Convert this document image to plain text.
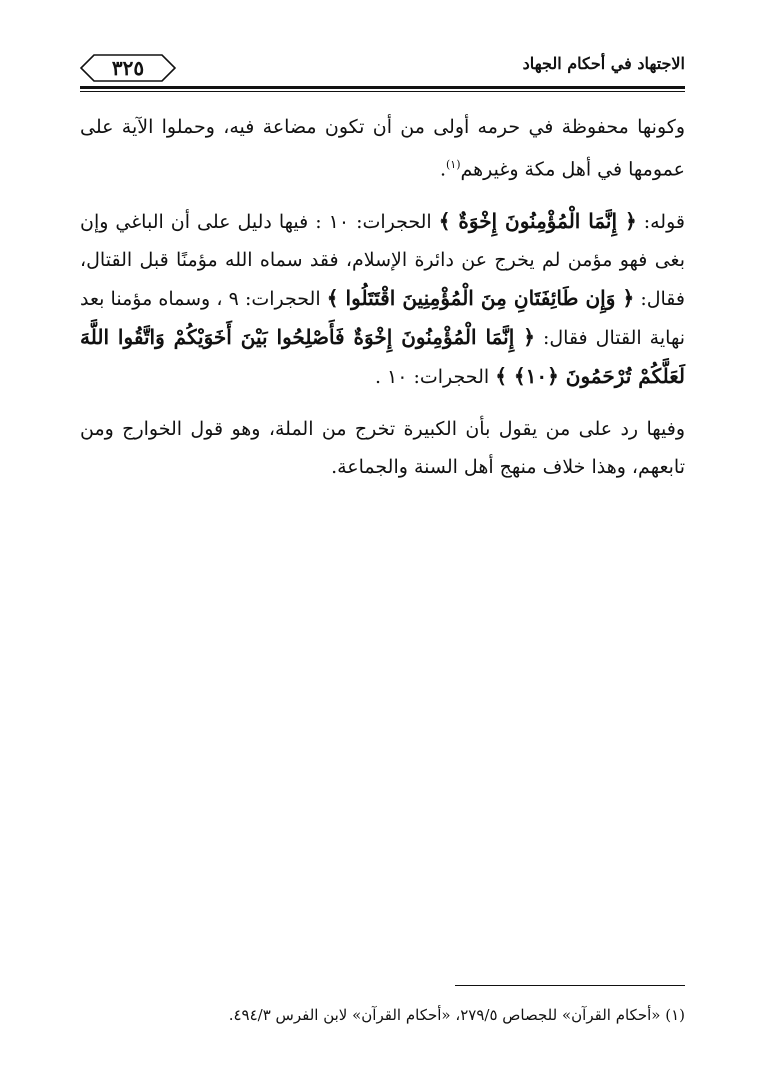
٣٢٥	الاجتهاد في أحكام الجهاد

وكونها محفوظة في حرمه أولى من أن تكون مضاعة فيه، وحملوا الآية على عمومها في أهل مكة وغيرهم$^{(١)}$.

قوله: ﴿ إِنَّمَا الْمُؤْمِنُونَ إِخْوَةٌ ﴾ الحجرات: ١٠ : فيها دليل على أن الباغي وإن بغى فهو مؤمن لم يخرج عن دائرة الإسلام، فقد سماه الله مؤمنًا قبل القتال، فقال: ﴿ وَإِن طَائِفَتَانِ مِنَ الْمُؤْمِنِينَ اقْتَتَلُوا ﴾ الحجرات: ٩ ، وسماه مؤمنا بعد نهاية القتال فقال: ﴿ إِنَّمَا الْمُؤْمِنُونَ إِخْوَةٌ فَأَصْلِحُوا بَيْنَ أَخَوَيْكُمْ وَاتَّقُوا اللَّهَ لَعَلَّكُمْ تُرْحَمُونَ ﴿١٠﴾ ﴾ الحجرات: ١٠ .

وفيها رد على من يقول بأن الكبيرة تخرج من الملة، وهو قول الخوارج ومن تابعهم، وهذا خلاف منهج أهل السنة والجماعة.

(١) «أحكام القرآن» للجصاص ٢٧٩/٥، «أحكام القرآن» لابن الفرس ٤٩٤/٣.
